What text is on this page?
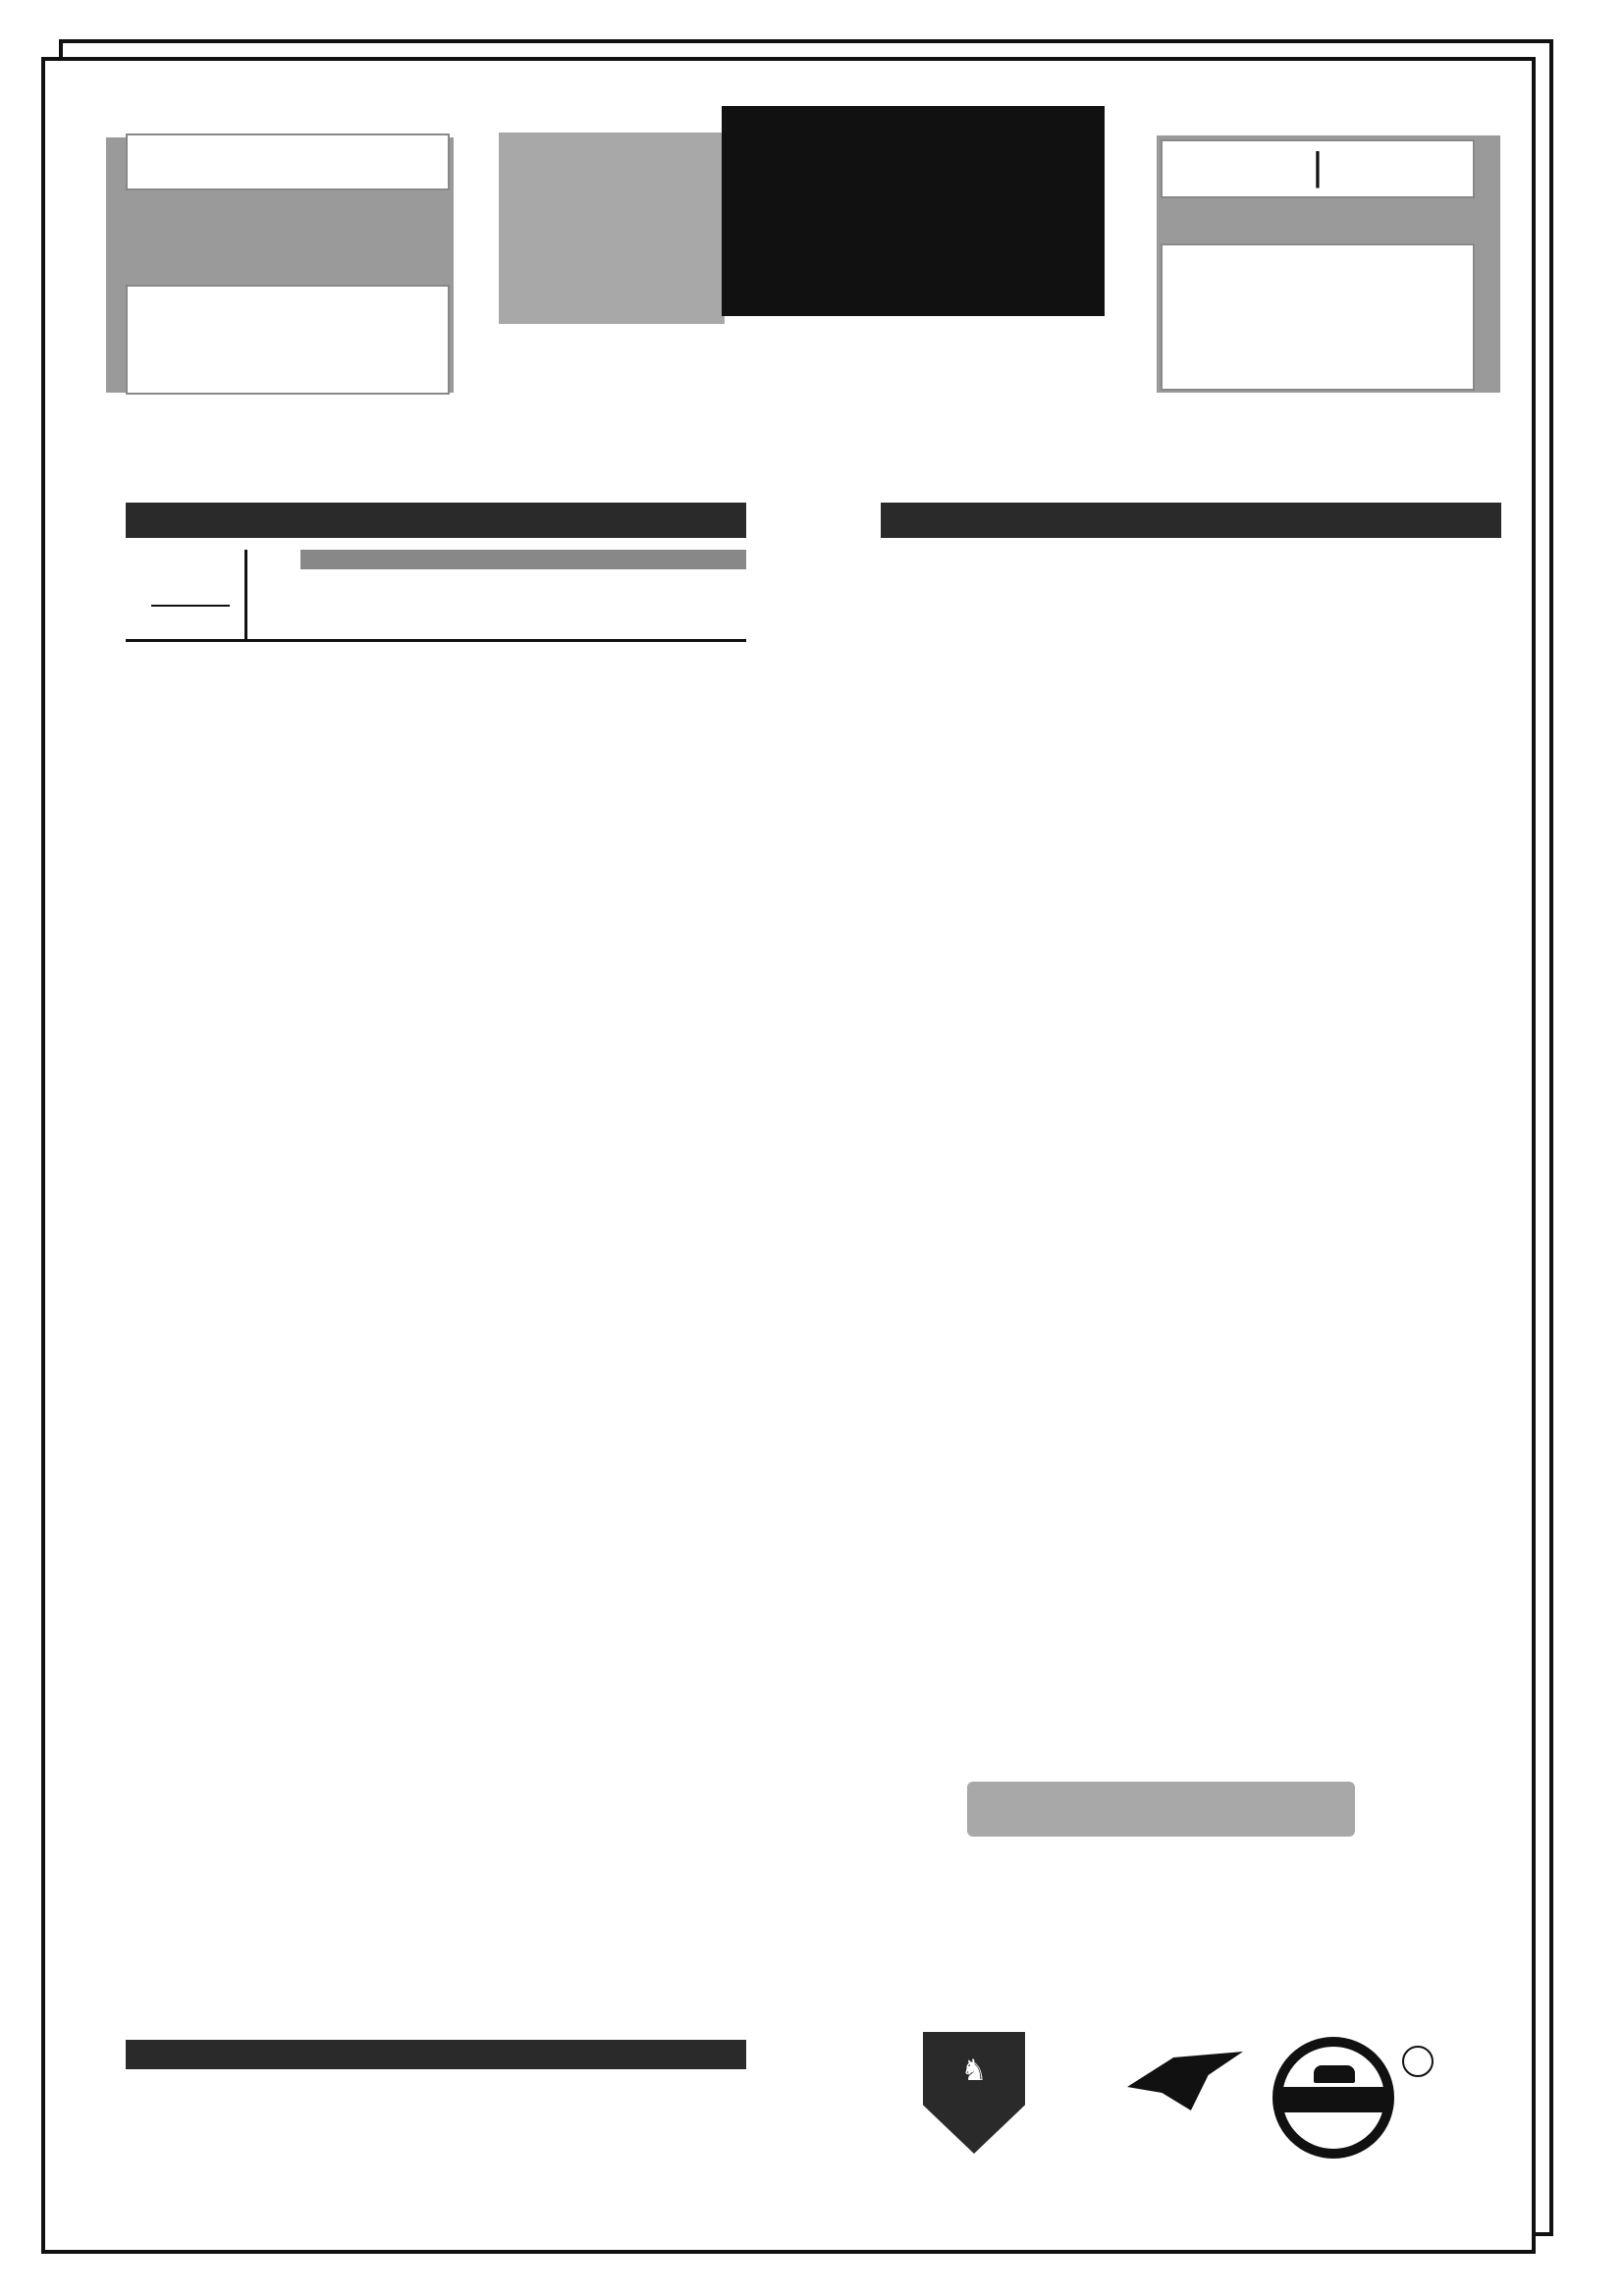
|
♞
